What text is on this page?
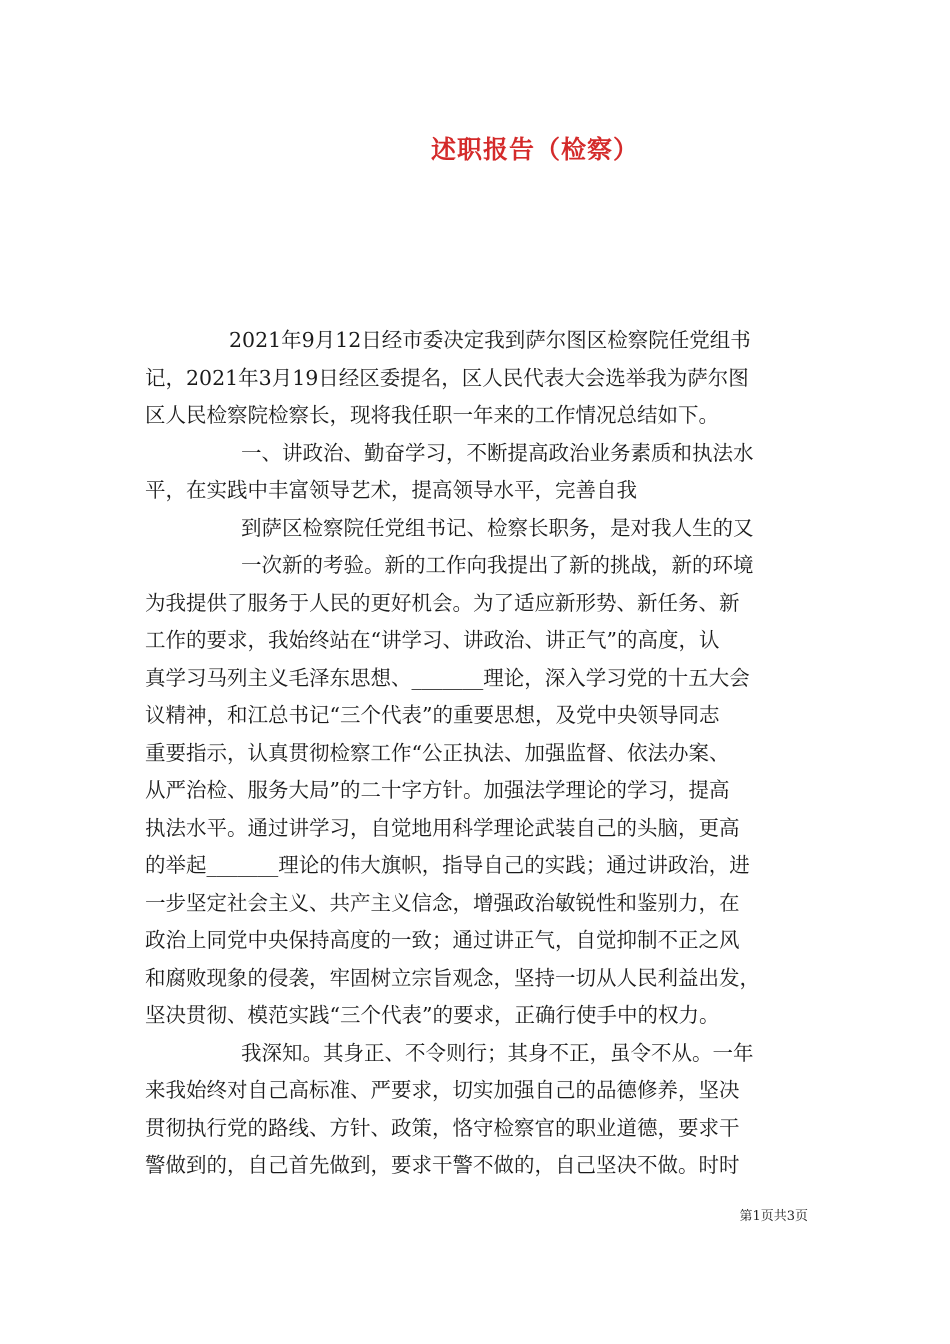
述职报告（检察）
2021年9月12日经市委决定我到萨尔图区检察院任党组书
记，2021年3月19日经区委提名，区人民代表大会选举我为萨尔图
区人民检察院检察长，现将我任职一年来的工作情况总结如下。
一、讲政治、勤奋学习，不断提高政治业务素质和执法水
平，在实践中丰富领导艺术，提高领导水平，完善自我
到萨区检察院任党组书记、检察长职务，是对我人生的又
一次新的考验。新的工作向我提出了新的挑战，新的环境
为我提供了服务于人民的更好机会。为了适应新形势、新任务、新
工作的要求，我始终站在“讲学习、讲政治、讲正气”的高度，认
真学习马列主义毛泽东思想、_______理论，深入学习党的十五大会
议精神，和江总书记“三个代表”的重要思想，及党中央领导同志
重要指示，认真贯彻检察工作“公正执法、加强监督、依法办案、
从严治检、服务大局”的二十字方针。加强法学理论的学习，提高
执法水平。通过讲学习，自觉地用科学理论武装自己的头脑，更高
的举起_______理论的伟大旗帜，指导自己的实践；通过讲政治，进
一步坚定社会主义、共产主义信念，增强政治敏锐性和鉴别力，在
政治上同党中央保持高度的一致；通过讲正气，自觉抑制不正之风
和腐败现象的侵袭，牢固树立宗旨观念，坚持一切从人民利益出发，
坚决贯彻、模范实践“三个代表”的要求，正确行使手中的权力。
我深知。其身正、不令则行；其身不正，虽令不从。一年
来我始终对自己高标准、严要求，切实加强自己的品德修养，坚决
贯彻执行党的路线、方针、政策，恪守检察官的职业道德，要求干
警做到的，自己首先做到，要求干警不做的，自己坚决不做。时时
第1页共3页
